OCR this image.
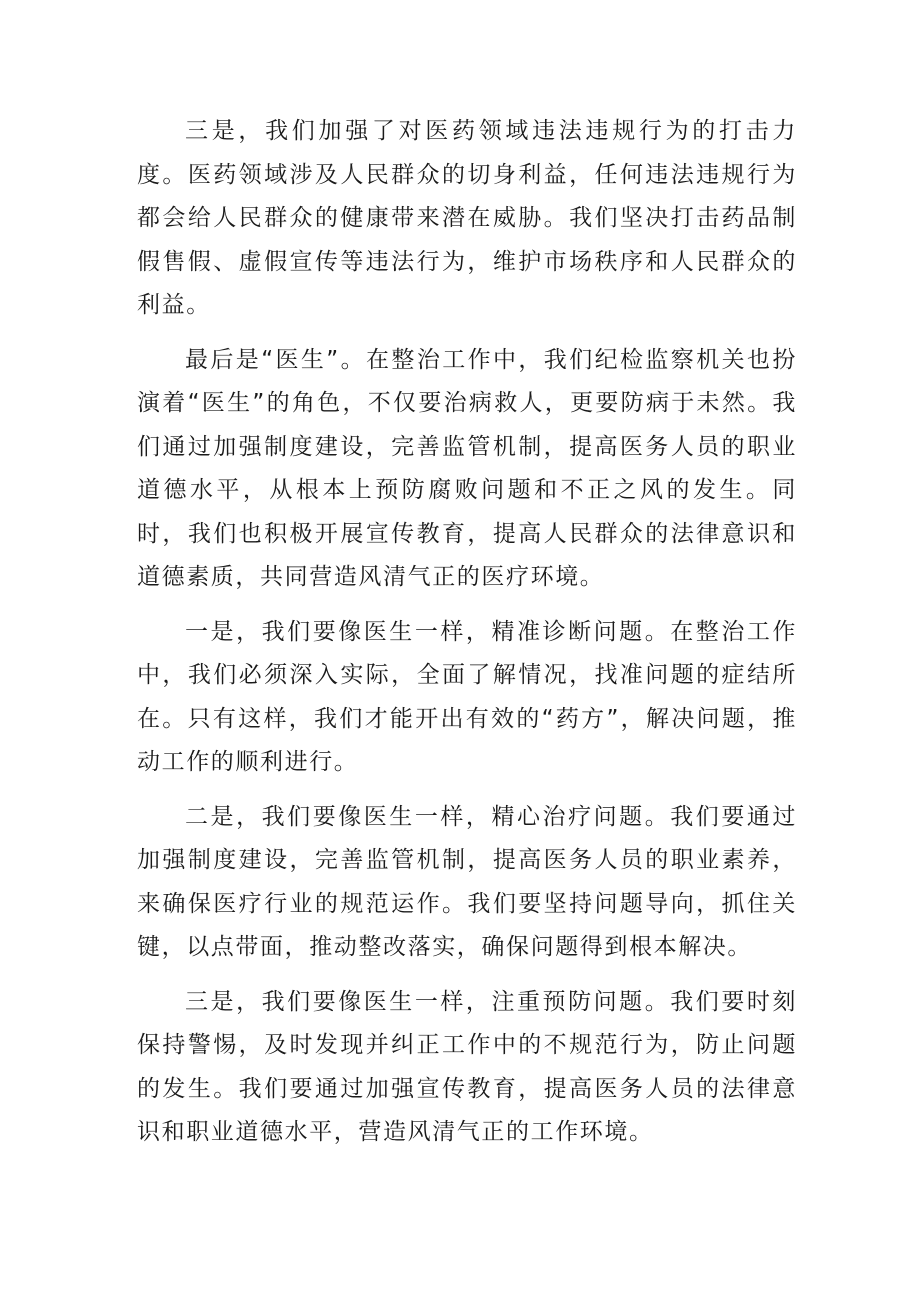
三是，我们加强了对医药领域违法违规行为的打击力度。医药领域涉及人民群众的切身利益，任何违法违规行为都会给人民群众的健康带来潜在威胁。我们坚决打击药品制假售假、虚假宣传等违法行为，维护市场秩序和人民群众的利益。

最后是“医生”。在整治工作中，我们纪检监察机关也扮演着“医生”的角色，不仅要治病救人，更要防病于未然。我们通过加强制度建设，完善监管机制，提高医务人员的职业道德水平，从根本上预防腐败问题和不正之风的发生。同时，我们也积极开展宣传教育，提高人民群众的法律意识和道德素质，共同营造风清气正的医疗环境。

一是，我们要像医生一样，精准诊断问题。在整治工作中，我们必须深入实际，全面了解情况，找准问题的症结所在。只有这样，我们才能开出有效的“药方”，解决问题，推动工作的顺利进行。

二是，我们要像医生一样，精心治疗问题。我们要通过加强制度建设，完善监管机制，提高医务人员的职业素养，来确保医疗行业的规范运作。我们要坚持问题导向，抓住关键，以点带面，推动整改落实，确保问题得到根本解决。

三是，我们要像医生一样，注重预防问题。我们要时刻保持警惕，及时发现并纠正工作中的不规范行为，防止问题的发生。我们要通过加强宣传教育，提高医务人员的法律意识和职业道德水平，营造风清气正的工作环境。
